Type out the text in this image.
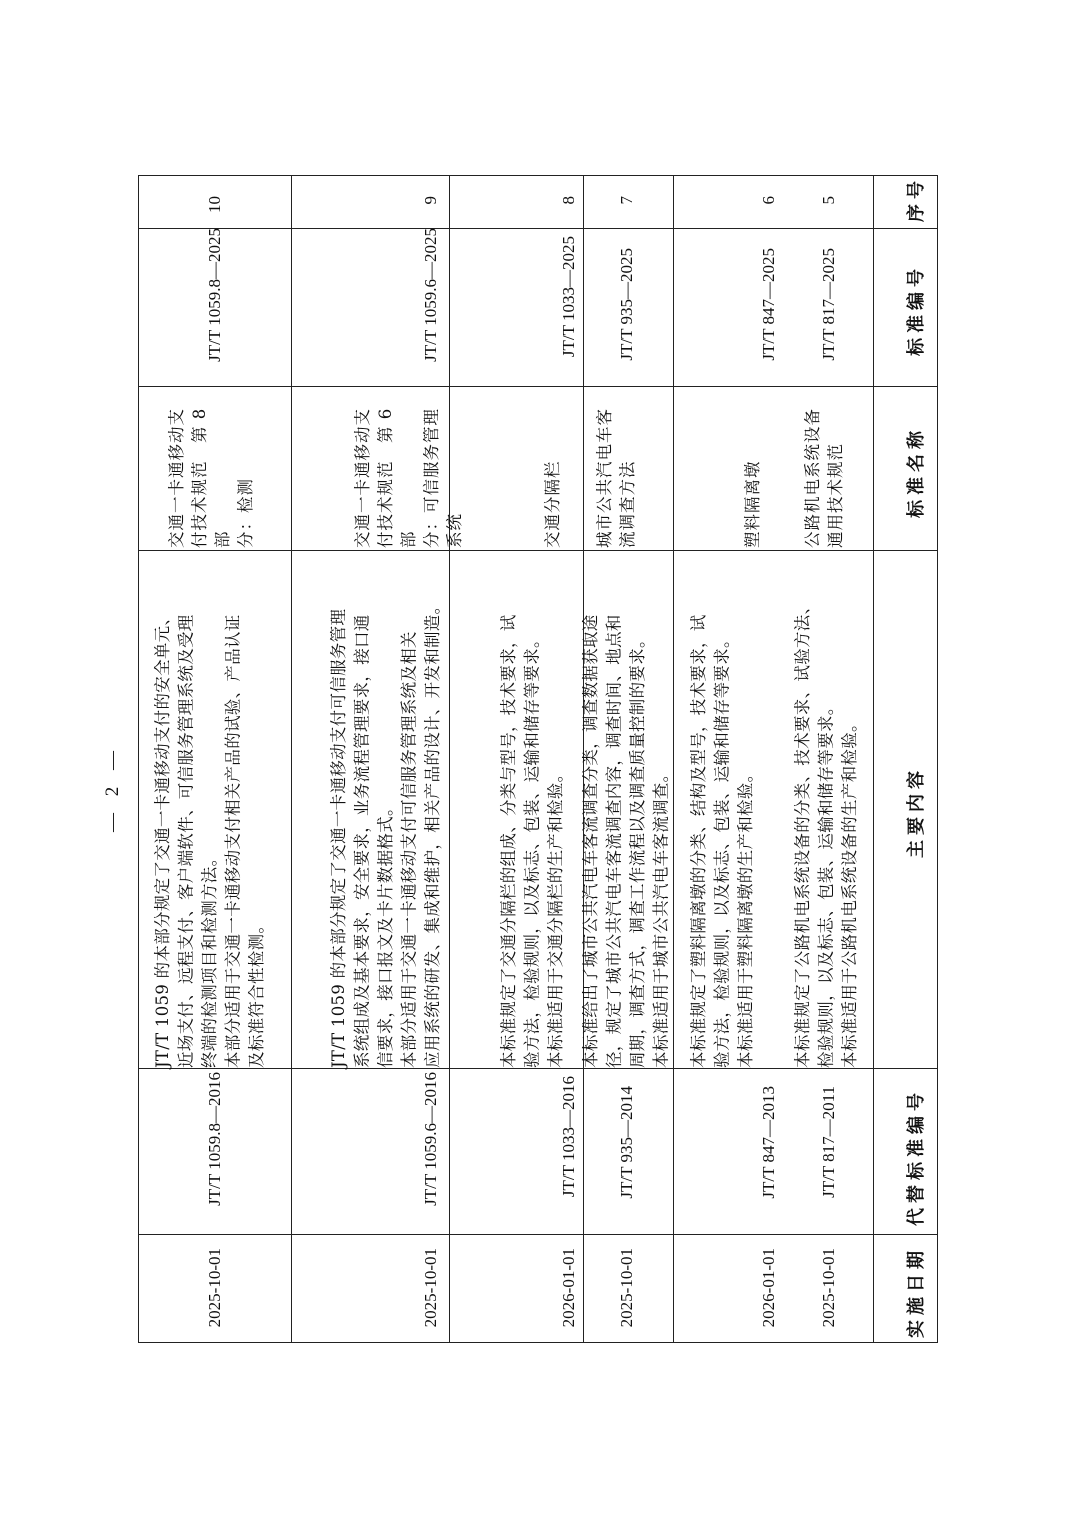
序号
标准编号
标准名称
主要内容
代替标准编号
实施日期
5
JT/T 817—2025
公路机电系统设备 通用技术规范
本标准规定了公路机电系统设备的分类、技术要求、试验方法、 检验规则，以及标志、包装、运输和储存等要求。 本标准适用于公路机电系统设备的生产和检验。
JT/T 817—2011
2025-10-01
6
JT/T 847—2025
塑料隔离墩
本标准规定了塑料隔离墩的分类、结构及型号，技术要求，试 验方法，检验规则，以及标志、包装、运输和储存等要求。 本标准适用于塑料隔离墩的生产和检验。
JT/T 847—2013
2026-01-01
7
JT/T 935—2025
城市公共汽电车客 流调查方法
本标准给出了城市公共汽电车客流调查分类，调查数据获取途 径，规定了城市公共汽电车客流调查内容，调查时间、地点和 周期，调查方式，调查工作流程以及调查质量控制的要求。 本标准适用于城市公共汽电车客流调查。
JT/T 935—2014
2025-10-01
8
JT/T 1033—2025
交通分隔栏
本标准规定了交通分隔栏的组成、分类与型号，技术要求，试 验方法，检验规则，以及标志、包装、运输和储存等要求。 本标准适用于交通分隔栏的生产和检验。
JT/T 1033—2016
2026-01-01
9
JT/T 1059.6—2025
交通一卡通移动支 付技术规范　第 6 部 分：可信服务管理 系统
JT/T 1059 的本部分规定了交通一卡通移动支付可信服务管理 系统组成及基本要求，安全要求，业务流程管理要求，接口通 信要求，接口报文及卡片数据格式。 本部分适用于交通一卡通移动支付可信服务管理系统及相关 应用系统的研发、集成和维护，相关产品的设计、开发和制造。
JT/T 1059.6—2016
2025-10-01
10
JT/T 1059.8—2025
交通一卡通移动支 付技术规范　第 8 部 分：检测
JT/T 1059 的本部分规定了交通一卡通移动支付的安全单元、 近场支付、远程支付、客户端软件、可信服务管理系统及受理 终端的检测项目和检测方法。 本部分适用于交通一卡通移动支付相关产品的试验、产品认证 及标准符合性检测。
JT/T 1059.8—2016
2025-10-01
— 2 —
